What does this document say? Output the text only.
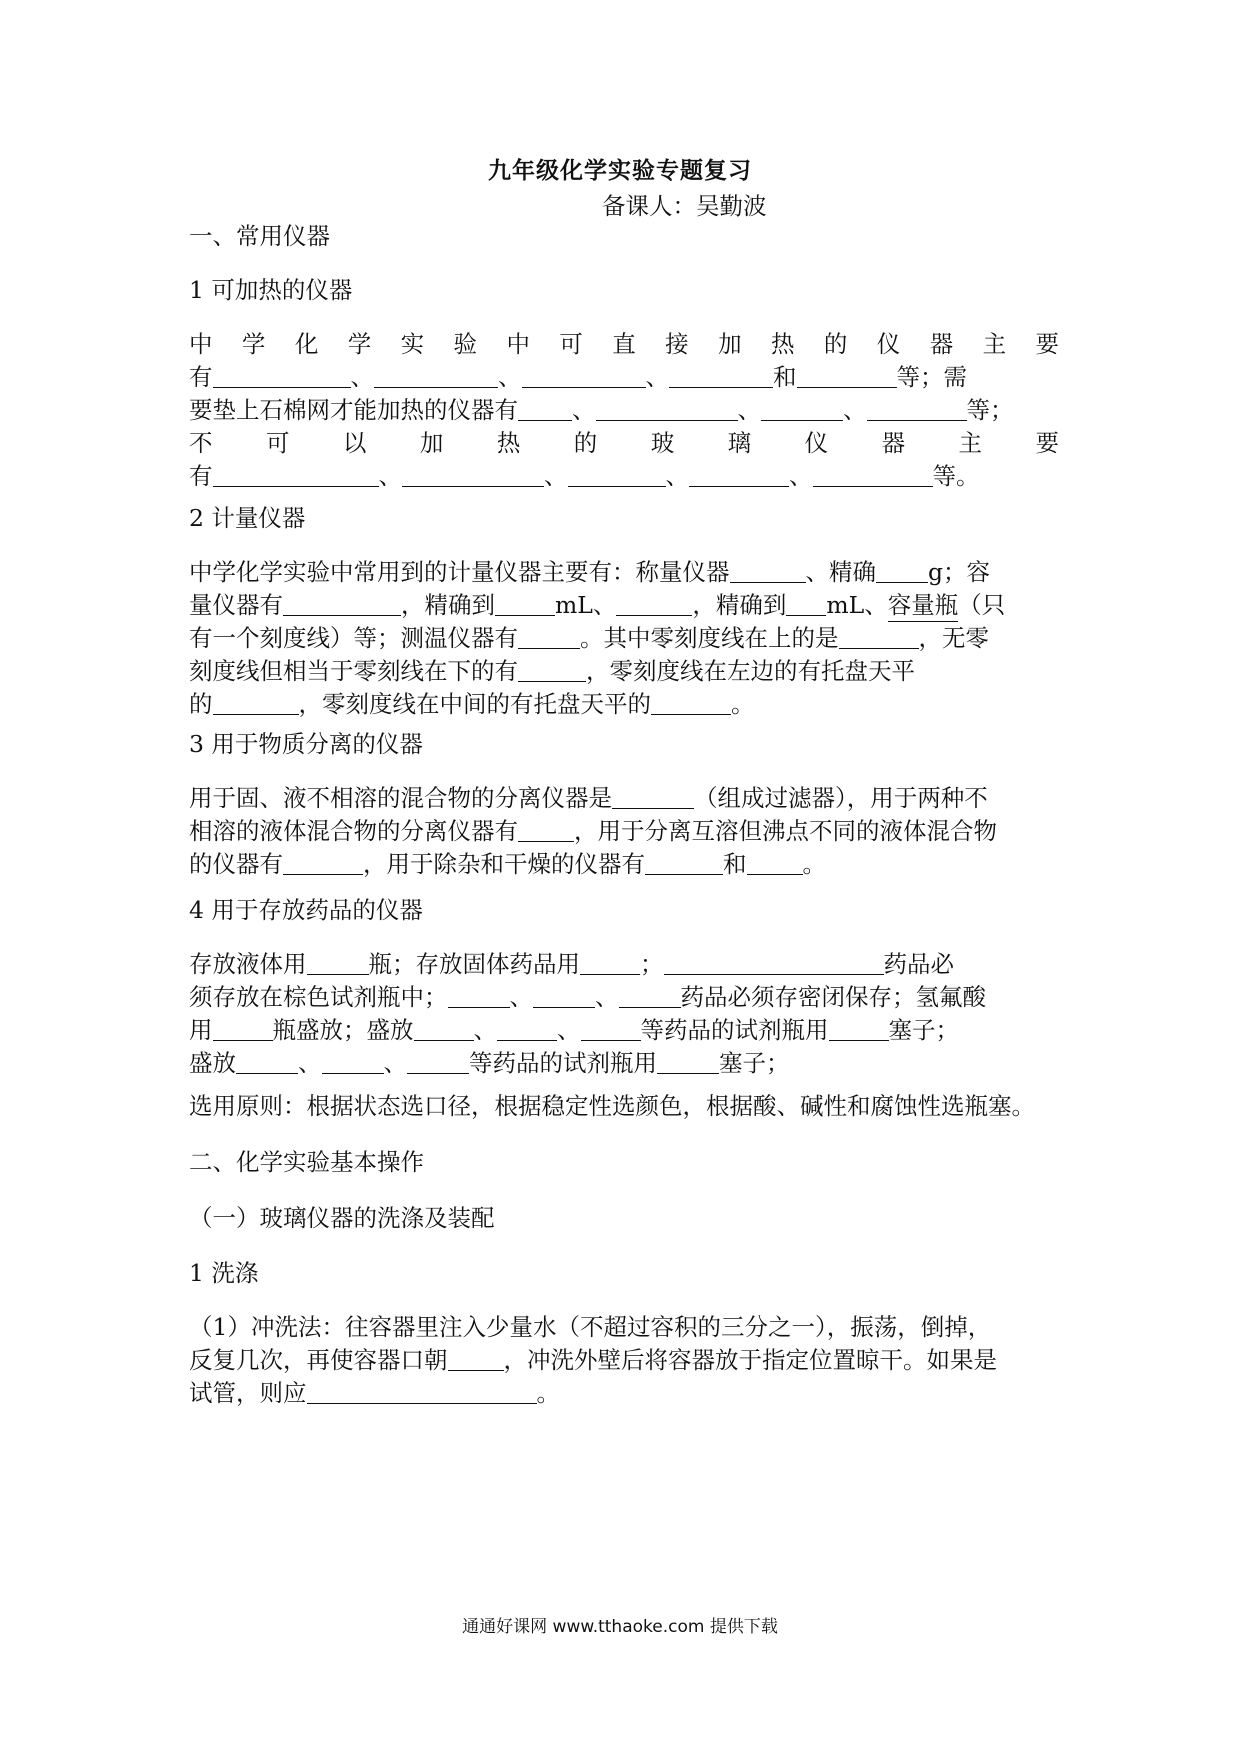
九年级化学实验专题复习
备课人：吴勤波
一、常用仪器
1 可加热的仪器
中 学 化 学 实 验 中 可 直 接 加 热 的 仪 器 主 要
有	、	、	、	和	等；需
要垫上石棉网才能加热的仪器有 、	、	、	等；
不 可 以 加 热 的 玻 璃 仪 器 主 要
有	、	、	、	、	等。
2 计量仪器
中学化学实验中常用到的计量仪器主要有：称量仪器	、精确 g；容
量仪器有	，精确到	mL、	，精确到 mL、 容量瓶 （只
有一个刻度线）等；测温仪器有	。其中零刻度线在上的是	，无零
刻度线但相当于零刻线在下的有	，零刻度线在左边的有托盘天平
的	，零刻度线在中间的有托盘天平的	。
3 用于物质分离的仪器
用于固、液不相溶的混合物的分离仪器是	（组成过滤器），用于两种不
相溶的液体混合物的分离仪器有 ，用于分离互溶但沸点不同的液体混合物
的仪器有	，用于除杂和干燥的仪器有	和 。
4 用于存放药品的仪器
存放液体用	瓶；存放固体药品用	；	药品必
须存放在棕色试剂瓶中；	、	、	药品必须存密闭保存；氢氟酸
用	瓶盛放；盛放	、	、	等药品的试剂瓶用	塞子；
盛放	、	、	等药品的试剂瓶用	塞子；
选用原则：根据状态选口径，根据稳定性选颜色，根据酸、碱性和腐蚀性选瓶塞。
二、化学实验基本操作
（一）玻璃仪器的洗涤及装配
1 洗涤
（1）冲洗法：往容器里注入少量水（不超过容积的三分之一），振荡，倒掉，
反复几次，再使容器口朝 ，冲洗外壁后将容器放于指定位置晾干。如果是
试管，则应	。
通通好课网 www.tthaoke.com 提供下载
